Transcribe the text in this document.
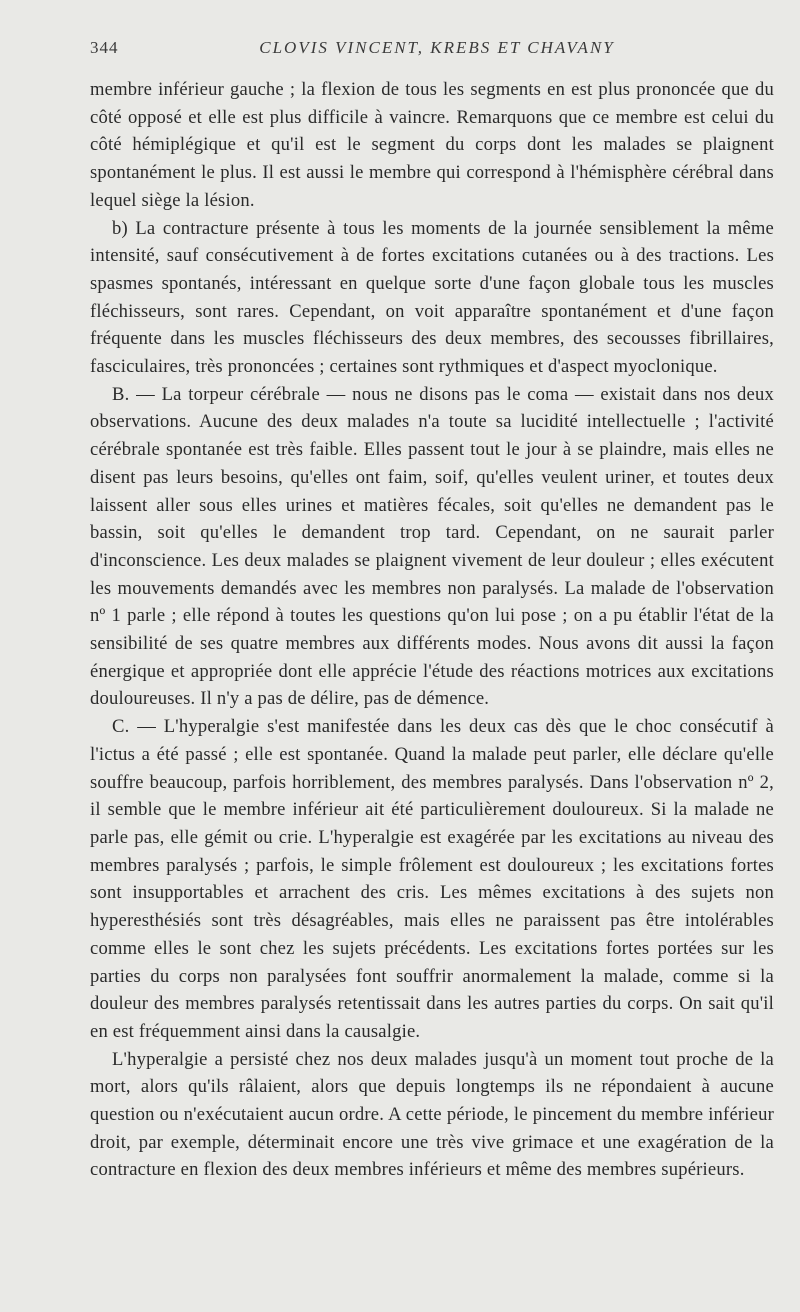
344	CLOVIS VINCENT, KREBS ET CHAVANY

membre inférieur gauche ; la flexion de tous les segments en est plus prononcée que du côté opposé et elle est plus difficile à vaincre. Remarquons que ce membre est celui du côté hémiplégique et qu'il est le segment du corps dont les malades se plaignent spontanément le plus. Il est aussi le membre qui correspond à l'hémisphère cérébral dans lequel siège la lésion.

b) La contracture présente à tous les moments de la journée sensiblement la même intensité, sauf consécutivement à de fortes excitations cutanées ou à des tractions. Les spasmes spontanés, intéressant en quelque sorte d'une façon globale tous les muscles fléchisseurs, sont rares. Cependant, on voit apparaître spontanément et d'une façon fréquente dans les muscles fléchisseurs des deux membres, des secousses fibrillaires, fasciculaires, très prononcées ; certaines sont rythmiques et d'aspect myoclonique.

B. — La torpeur cérébrale — nous ne disons pas le coma — existait dans nos deux observations. Aucune des deux malades n'a toute sa lucidité intellectuelle ; l'activité cérébrale spontanée est très faible. Elles passent tout le jour à se plaindre, mais elles ne disent pas leurs besoins, qu'elles ont faim, soif, qu'elles veulent uriner, et toutes deux laissent aller sous elles urines et matières fécales, soit qu'elles ne demandent pas le bassin, soit qu'elles le demandent trop tard. Cependant, on ne saurait parler d'inconscience. Les deux malades se plaignent vivement de leur douleur ; elles exécutent les mouvements demandés avec les membres non paralysés. La malade de l'observation nº 1 parle ; elle répond à toutes les questions qu'on lui pose ; on a pu établir l'état de la sensibilité de ses quatre membres aux différents modes. Nous avons dit aussi la façon énergique et appropriée dont elle apprécie l'étude des réactions motrices aux excitations douloureuses. Il n'y a pas de délire, pas de démence.

C. — L'hyperalgie s'est manifestée dans les deux cas dès que le choc consécutif à l'ictus a été passé ; elle est spontanée. Quand la malade peut parler, elle déclare qu'elle souffre beaucoup, parfois horriblement, des membres paralysés. Dans l'observation nº 2, il semble que le membre inférieur ait été particulièrement douloureux. Si la malade ne parle pas, elle gémit ou crie. L'hyperalgie est exagérée par les excitations au niveau des membres paralysés ; parfois, le simple frôlement est douloureux ; les excitations fortes sont insupportables et arrachent des cris. Les mêmes excitations à des sujets non hyperesthésiés sont très désagréables, mais elles ne paraissent pas être intolérables comme elles le sont chez les sujets précédents. Les excitations fortes portées sur les parties du corps non paralysées font souffrir anormalement la malade, comme si la douleur des membres paralysés retentissait dans les autres parties du corps. On sait qu'il en est fréquemment ainsi dans la causalgie.

L'hyperalgie a persisté chez nos deux malades jusqu'à un moment tout proche de la mort, alors qu'ils râlaient, alors que depuis longtemps ils ne répondaient à aucune question ou n'exécutaient aucun ordre. A cette période, le pincement du membre inférieur droit, par exemple, déterminait encore une très vive grimace et une exagération de la contracture en flexion des deux membres inférieurs et même des membres supérieurs.
